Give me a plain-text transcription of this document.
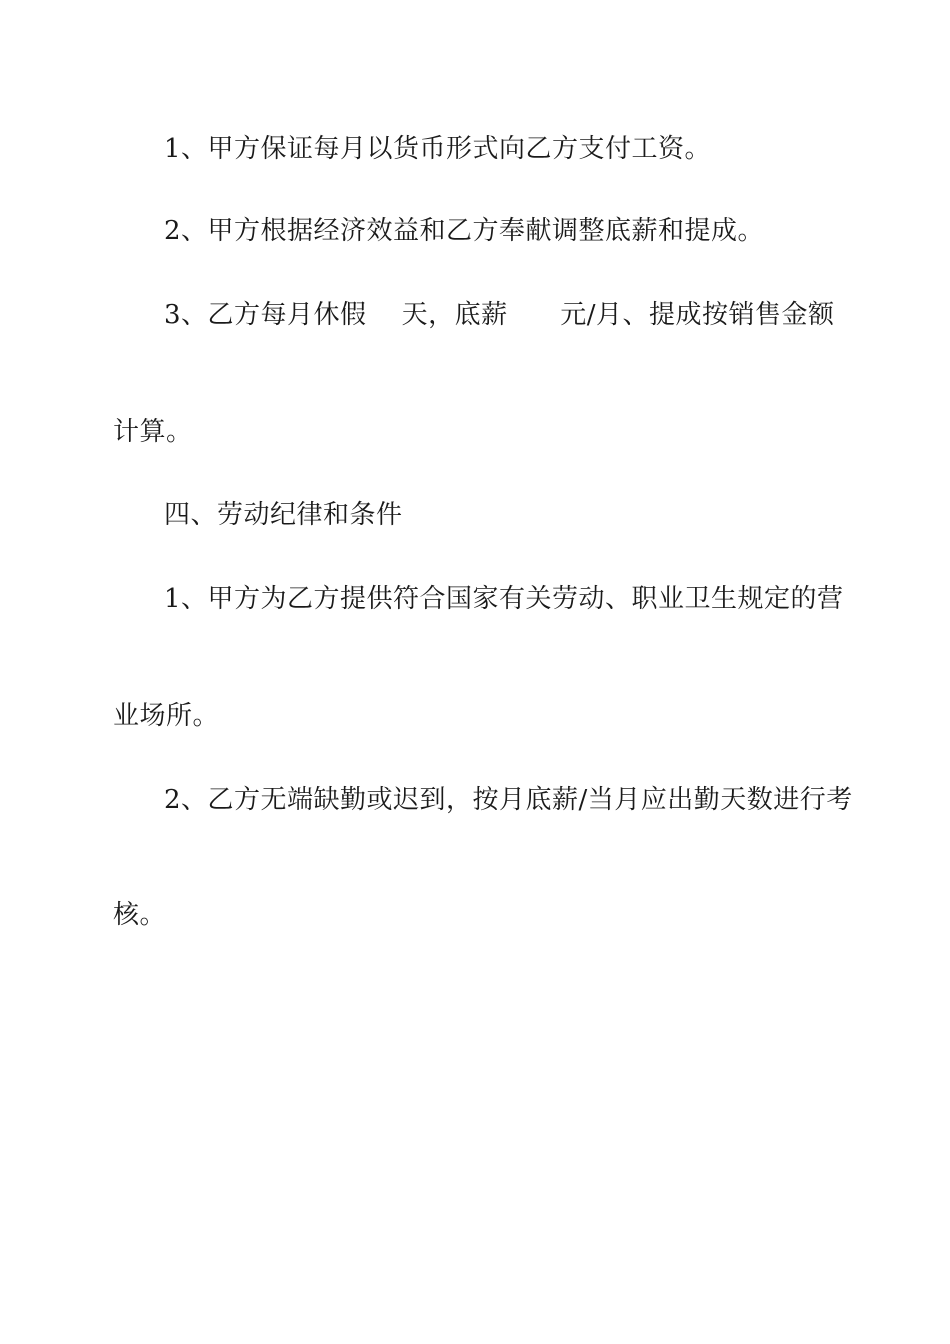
1、甲方保证每月以货币形式向乙方支付工资。

2、甲方根据经济效益和乙方奉献调整底薪和提成。

3、乙方每月休假    天，底薪      元/月、提成按销售金额

计算。

四、劳动纪律和条件

1、甲方为乙方提供符合国家有关劳动、职业卫生规定的营

业场所。

2、乙方无端缺勤或迟到，按月底薪/当月应出勤天数进行考

核。
